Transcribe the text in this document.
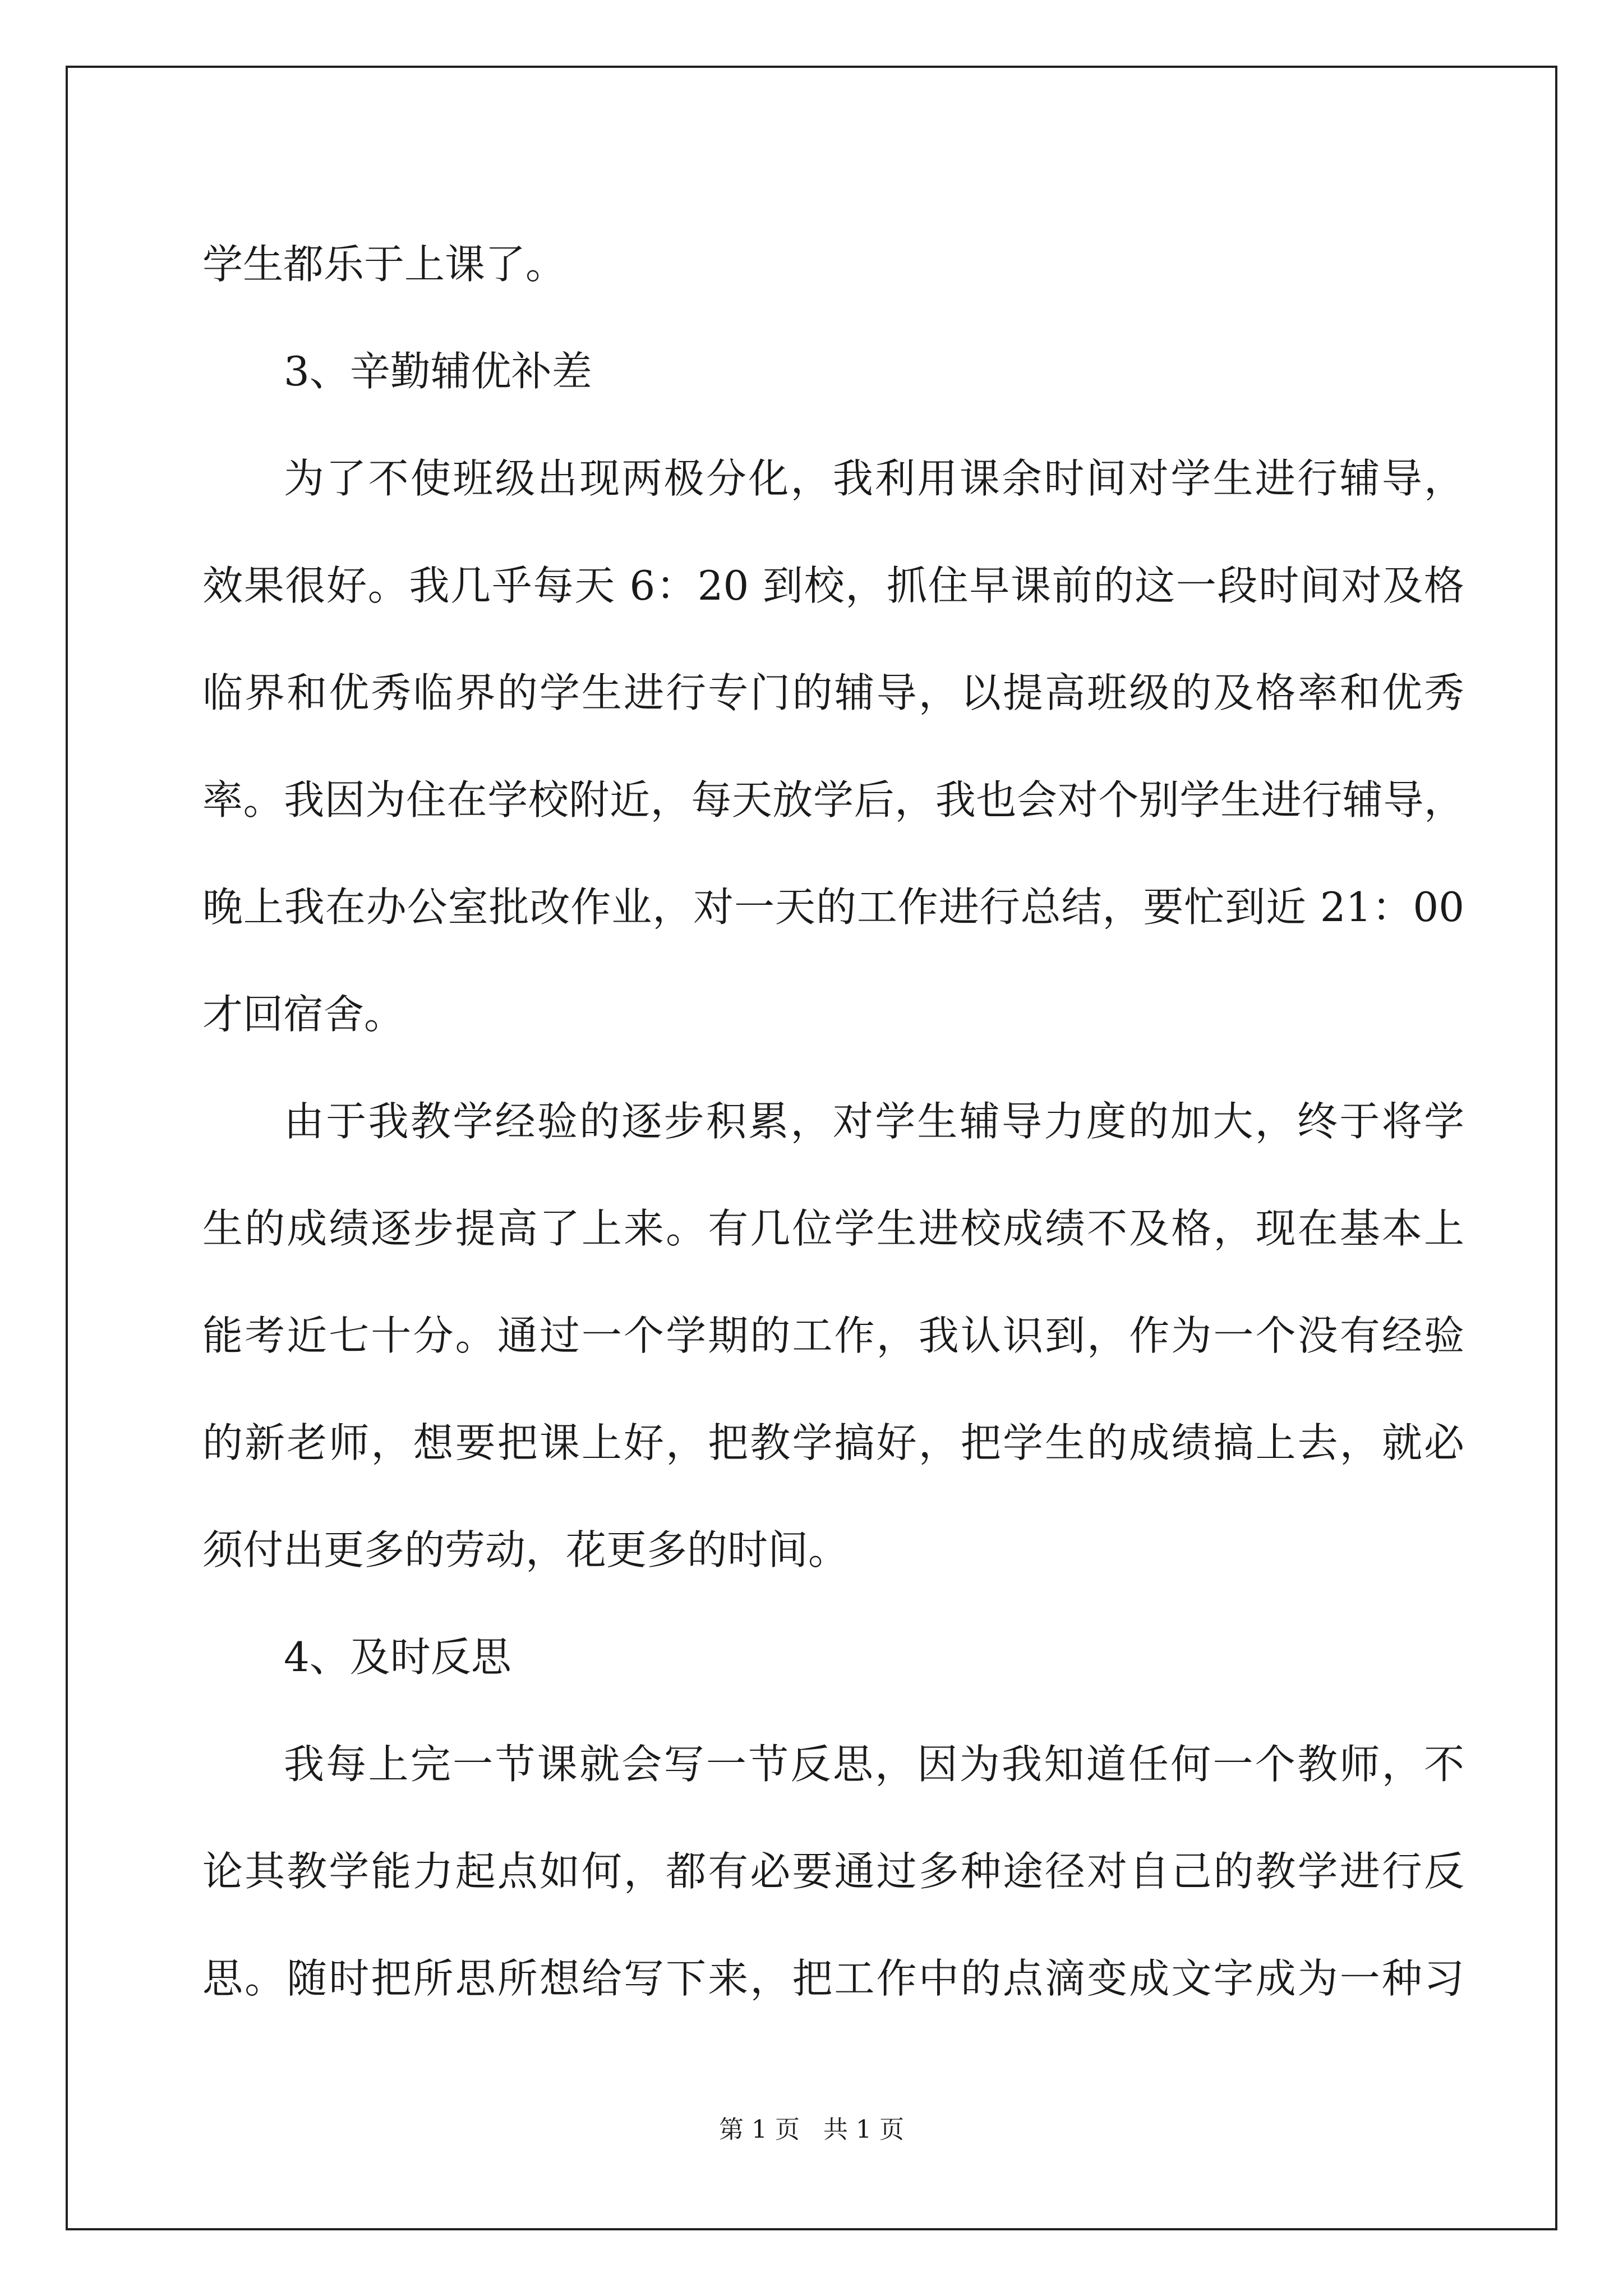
学生都乐于上课了。
3、辛勤辅优补差
为了不使班级出现两极分化，我利用课余时间对学生进行辅导，
效果很好。我几乎每天 6：20 到校，抓住早课前的这一段时间对及格
临界和优秀临界的学生进行专门的辅导，以提高班级的及格率和优秀
率。我因为住在学校附近，每天放学后，我也会对个别学生进行辅导，
晚上我在办公室批改作业，对一天的工作进行总结，要忙到近 21：00
才回宿舍。
由于我教学经验的逐步积累，对学生辅导力度的加大，终于将学
生的成绩逐步提高了上来。有几位学生进校成绩不及格，现在基本上
能考近七十分。通过一个学期的工作，我认识到，作为一个没有经验
的新老师，想要把课上好，把教学搞好，把学生的成绩搞上去，就必
须付出更多的劳动，花更多的时间。
4、及时反思
我每上完一节课就会写一节反思，因为我知道任何一个教师，不
论其教学能力起点如何，都有必要通过多种途径对自己的教学进行反
思。随时把所思所想给写下来，把工作中的点滴变成文字成为一种习
第 1 页 共 1 页
